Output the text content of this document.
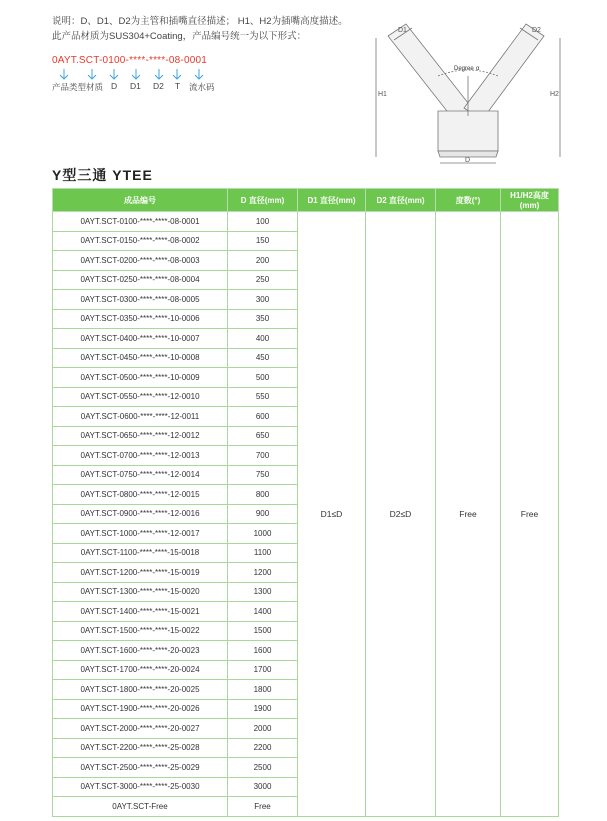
说明：D、D1、D2为主管和插嘴直径描述； H1、H2为插嘴高度描述。
此产品材质为SUS304+Coating，产品编号统一为以下形式：
0AYT.SCT-0100-****-****-08-0001
产品类型 材质 D D1 D2 T 流水码
D1	D2
Degree α
H1	H2
D
Y型三通 YTEE
成品编号	D 直径(mm)	D1 直径(mm)	D2 直径(mm)	度数(°)	H1/H2高度(mm)
0AYT.SCT-0100-****-****-08-0001	100	D1≤D	D2≤D	Free	Free
0AYT.SCT-0150-****-****-08-0002	150				
0AYT.SCT-0200-****-****-08-0003	200				
0AYT.SCT-0250-****-****-08-0004	250				
0AYT.SCT-0300-****-****-08-0005	300				
0AYT.SCT-0350-****-****-10-0006	350				
0AYT.SCT-0400-****-****-10-0007	400				
0AYT.SCT-0450-****-****-10-0008	450				
0AYT.SCT-0500-****-****-10-0009	500				
0AYT.SCT-0550-****-****-12-0010	550				
0AYT.SCT-0600-****-****-12-0011	600				
0AYT.SCT-0650-****-****-12-0012	650				
0AYT.SCT-0700-****-****-12-0013	700				
0AYT.SCT-0750-****-****-12-0014	750				
0AYT.SCT-0800-****-****-12-0015	800				
0AYT.SCT-0900-****-****-12-0016	900				
0AYT.SCT-1000-****-****-12-0017	1000				
0AYT.SCT-1100-****-****-15-0018	1100				
0AYT.SCT-1200-****-****-15-0019	1200				
0AYT.SCT-1300-****-****-15-0020	1300				
0AYT.SCT-1400-****-****-15-0021	1400				
0AYT.SCT-1500-****-****-15-0022	1500				
0AYT.SCT-1600-****-****-20-0023	1600				
0AYT.SCT-1700-****-****-20-0024	1700				
0AYT.SCT-1800-****-****-20-0025	1800				
0AYT.SCT-1900-****-****-20-0026	1900				
0AYT.SCT-2000-****-****-20-0027	2000				
0AYT.SCT-2200-****-****-25-0028	2200				
0AYT.SCT-2500-****-****-25-0029	2500				
0AYT.SCT-3000-****-****-25-0030	3000				
0AYT.SCT-Free	Free				
